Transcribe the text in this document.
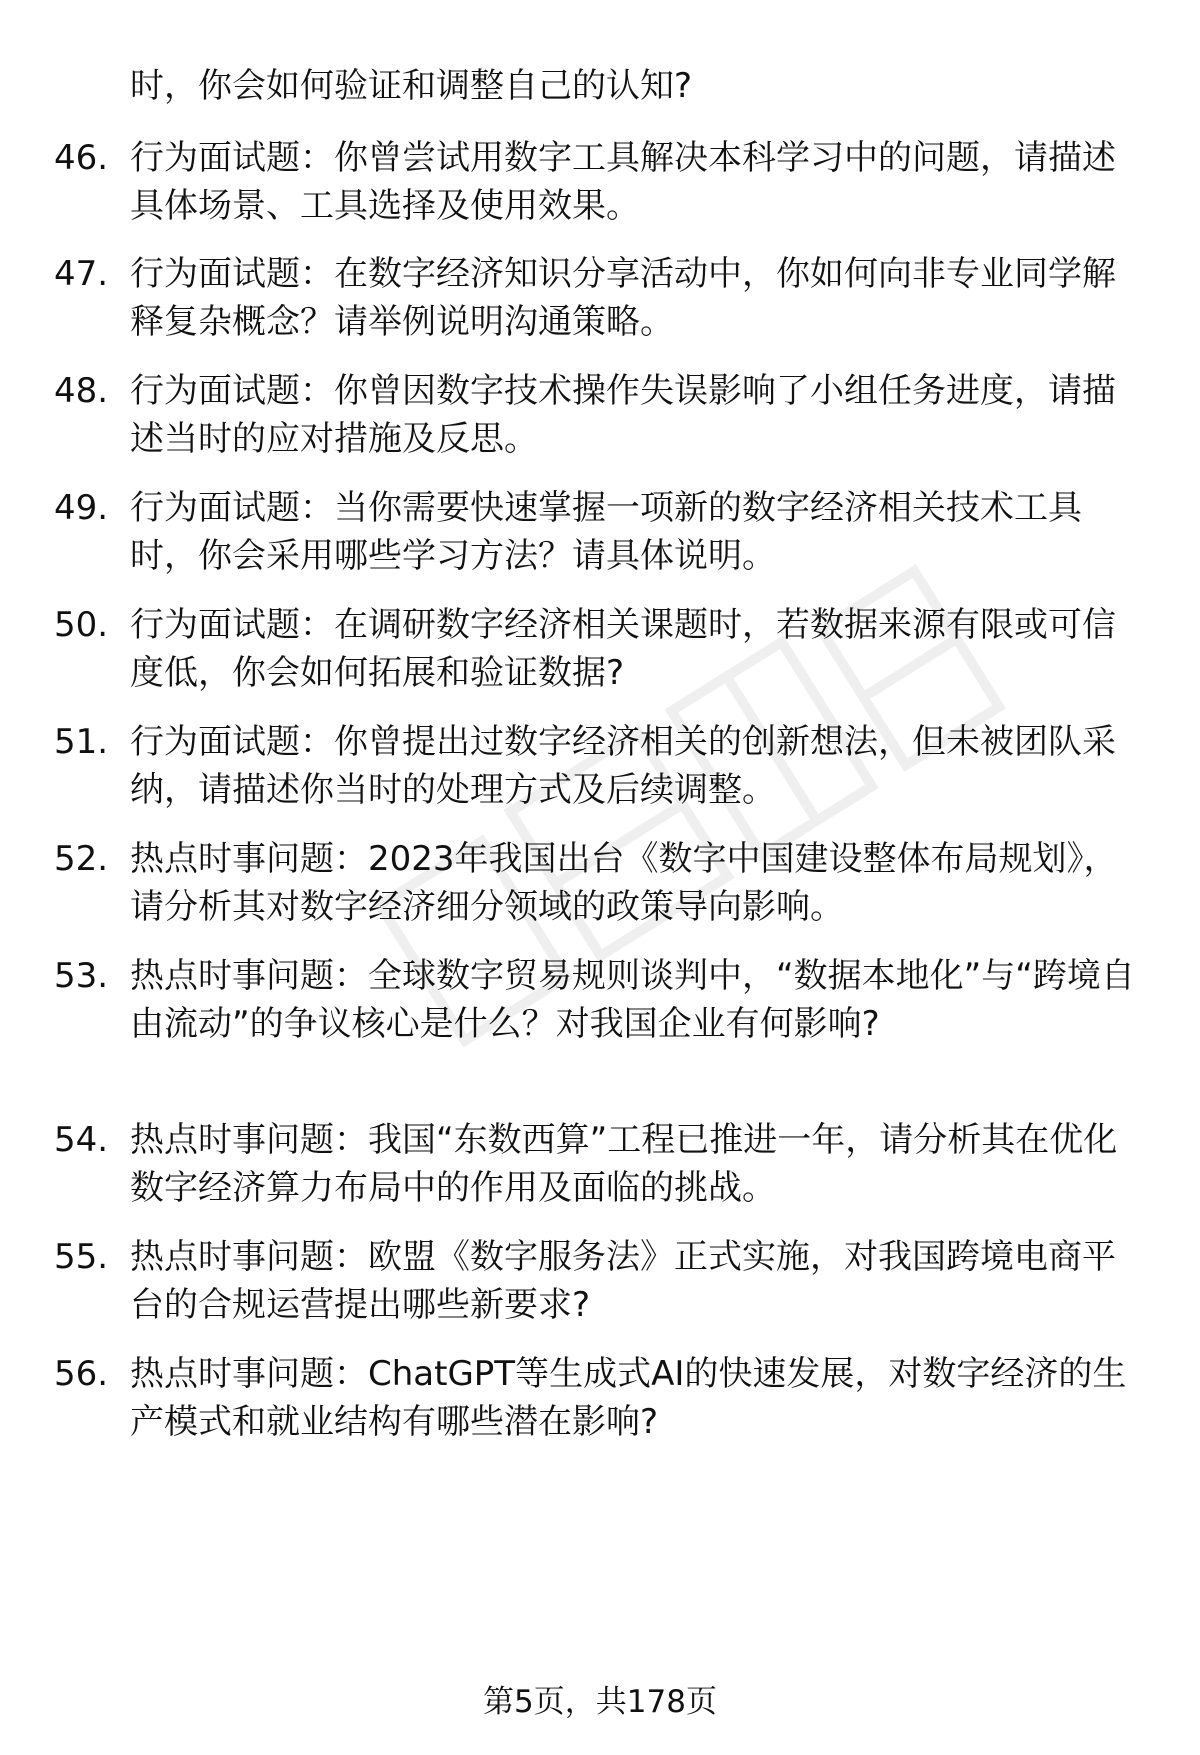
时，你会如何验证和调整自己的认知?
46. 行为面试题：你曾尝试用数字工具解决本科学习中的问题，请描述具体场景、工具选择及使用效果。
47. 行为面试题：在数字经济知识分享活动中，你如何向非专业同学解释复杂概念？请举例说明沟通策略。
48. 行为面试题：你曾因数字技术操作失误影响了小组任务进度，请描述当时的应对措施及反思。
49. 行为面试题：当你需要快速掌握一项新的数字经济相关技术工具时，你会采用哪些学习方法？请具体说明。
50. 行为面试题：在调研数字经济相关课题时，若数据来源有限或可信度低，你会如何拓展和验证数据?
51. 行为面试题：你曾提出过数字经济相关的创新想法，但未被团队采纳，请描述你当时的处理方式及后续调整。
52. 热点时事问题：2023年我国出台《数字中国建设整体布局规划》，请分析其对数字经济细分领域的政策导向影响。
53. 热点时事问题：全球数字贸易规则谈判中，“数据本地化”与“跨境自由流动”的争议核心是什么？对我国企业有何影响?
54. 热点时事问题：我国“东数西算”工程已推进一年，请分析其在优化数字经济算力布局中的作用及面临的挑战。
55. 热点时事问题：欧盟《数字服务法》正式实施，对我国跨境电商平台的合规运营提出哪些新要求?
56. 热点时事问题：ChatGPT等生成式AI的快速发展，对数字经济的生产模式和就业结构有哪些潜在影响?
第5页，共178页
